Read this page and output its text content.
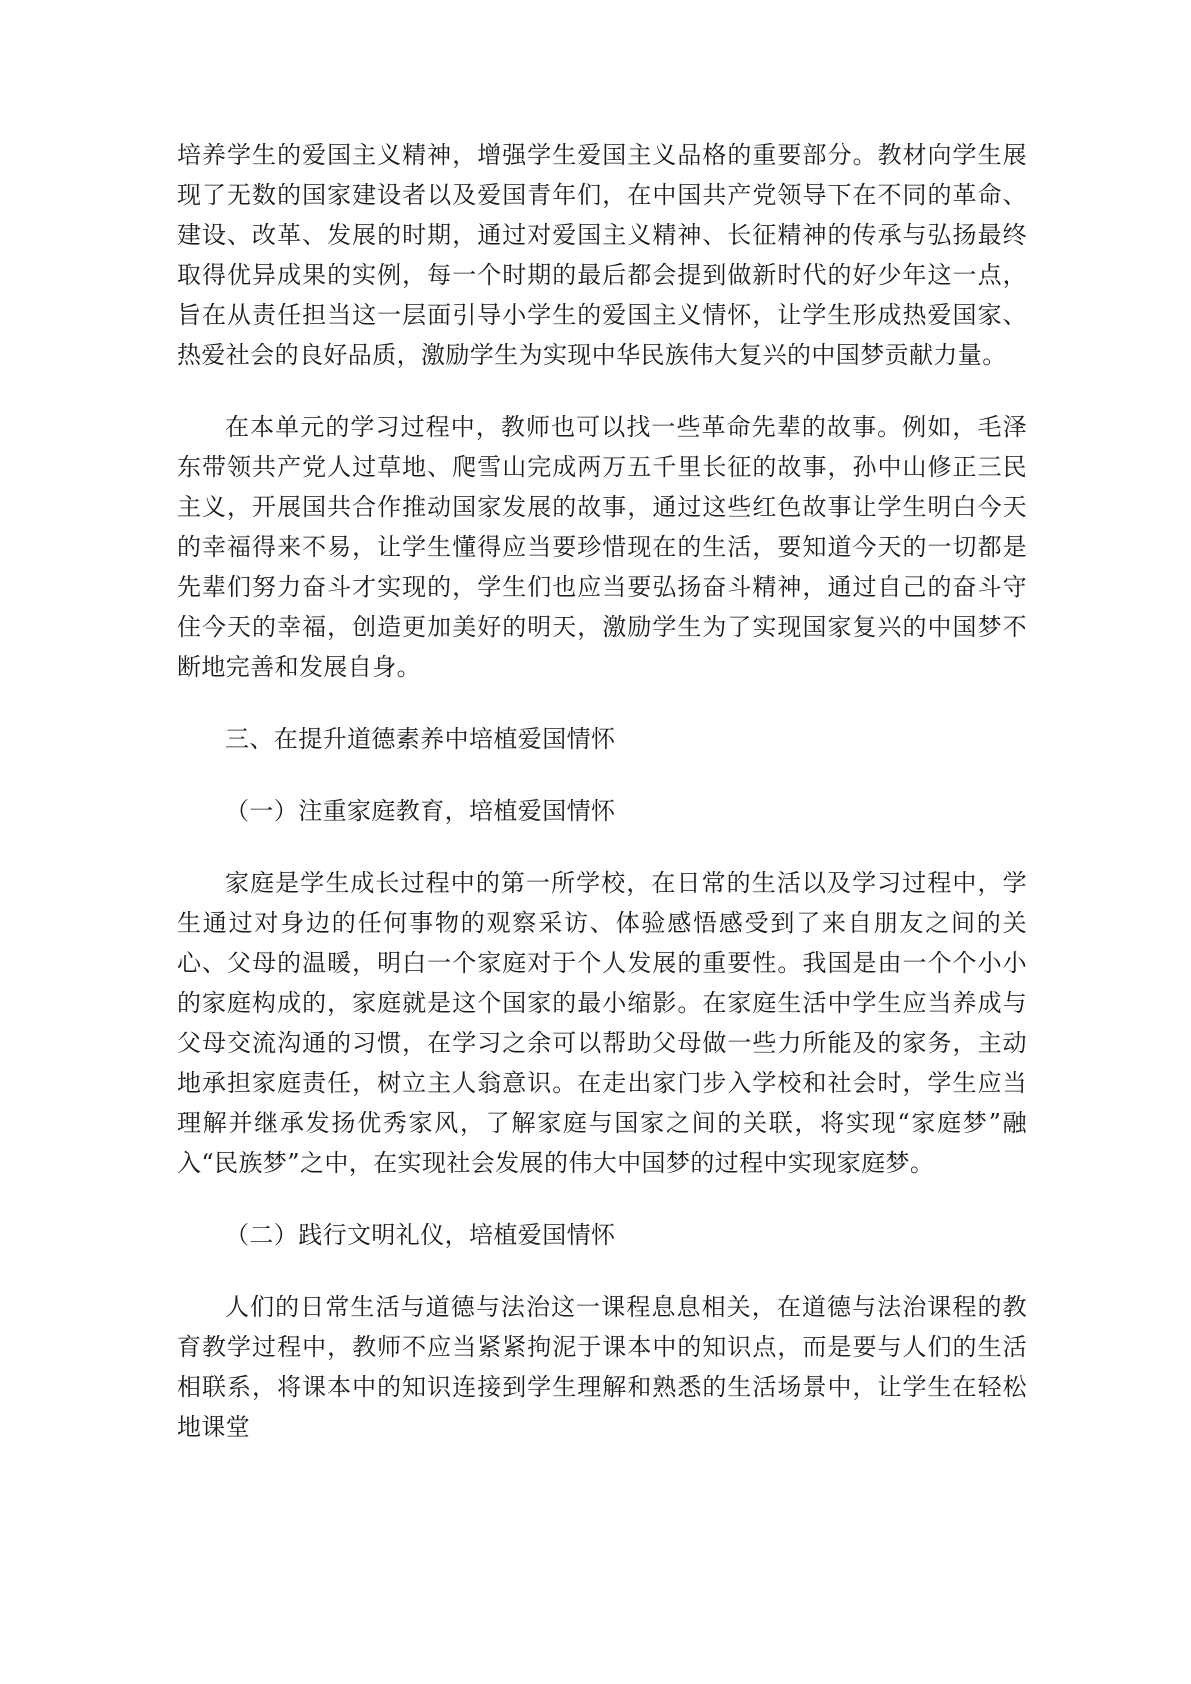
培养学生的爱国主义精神，增强学生爱国主义品格的重要部分。教材向学生展现了无数的国家建设者以及爱国青年们，在中国共产党领导下在不同的革命、建设、改革、发展的时期，通过对爱国主义精神、长征精神的传承与弘扬最终取得优异成果的实例，每一个时期的最后都会提到做新时代的好少年这一点，旨在从责任担当这一层面引导小学生的爱国主义情怀，让学生形成热爱国家、热爱社会的良好品质，激励学生为实现中华民族伟大复兴的中国梦贡献力量。

在本单元的学习过程中，教师也可以找一些革命先辈的故事。例如，毛泽东带领共产党人过草地、爬雪山完成两万五千里长征的故事，孙中山修正三民主义，开展国共合作推动国家发展的故事，通过这些红色故事让学生明白今天的幸福得来不易，让学生懂得应当要珍惜现在的生活，要知道今天的一切都是先辈们努力奋斗才实现的，学生们也应当要弘扬奋斗精神，通过自己的奋斗守住今天的幸福，创造更加美好的明天，激励学生为了实现国家复兴的中国梦不断地完善和发展自身。

三、在提升道德素养中培植爱国情怀

（一）注重家庭教育，培植爱国情怀

家庭是学生成长过程中的第一所学校，在日常的生活以及学习过程中，学生通过对身边的任何事物的观察采访、体验感悟感受到了来自朋友之间的关心、父母的温暖，明白一个家庭对于个人发展的重要性。我国是由一个个小小的家庭构成的，家庭就是这个国家的最小缩影。在家庭生活中学生应当养成与父母交流沟通的习惯，在学习之余可以帮助父母做一些力所能及的家务，主动地承担家庭责任，树立主人翁意识。在走出家门步入学校和社会时，学生应当理解并继承发扬优秀家风，了解家庭与国家之间的关联，将实现“家庭梦”融入“民族梦”之中，在实现社会发展的伟大中国梦的过程中实现家庭梦。

（二）践行文明礼仪，培植爱国情怀

人们的日常生活与道德与法治这一课程息息相关，在道德与法治课程的教育教学过程中，教师不应当紧紧拘泥于课本中的知识点，而是要与人们的生活相联系，将课本中的知识连接到学生理解和熟悉的生活场景中，让学生在轻松地课堂
